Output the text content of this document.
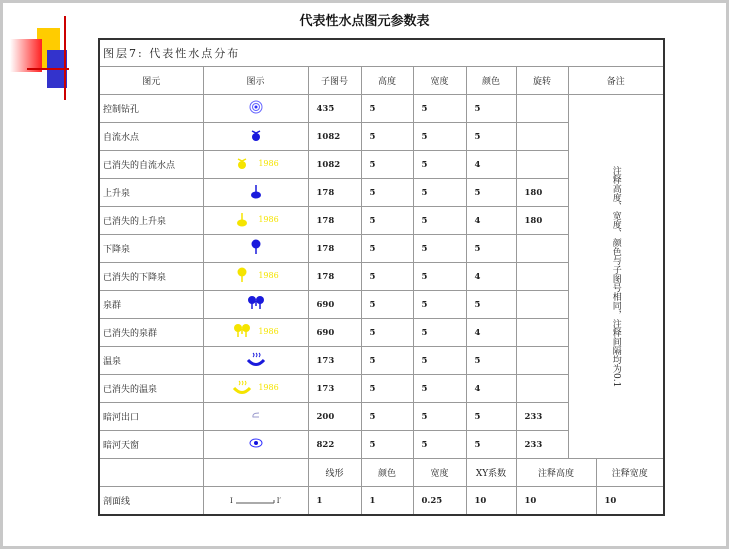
代表性水点图元参数表
图层7: 代表性水点分布								
图元	图示	子图号	高度	宽度	颜色	旋转	备注	
控制钻孔		435	5	5	5		注释高度、宽度、颜色与子图号相同，注释间隔均为0.1	

自流水点		1082	5	5	5			
已消失的自流水点	1986	1082	5	5	4			
上升泉		178	5	5	5	180		
已消失的上升泉	1986	178	5	5	4	180		
下降泉		178	5	5	5			
已消失的下降泉	1986	178	5	5	4			
泉群		690	5	5	5			
已消失的泉群	1986	690	5	5	4			
温泉		173	5	5	5			
已消失的温泉	1986	173	5	5	4			
暗河出口		200	5	5	5	233		
暗河天窗		822	5	5	5	233		
		线形	颜色	宽度	XY系数	注释高度		注释宽度
剖面线	I I′	1	1	0.25	10	10		10
